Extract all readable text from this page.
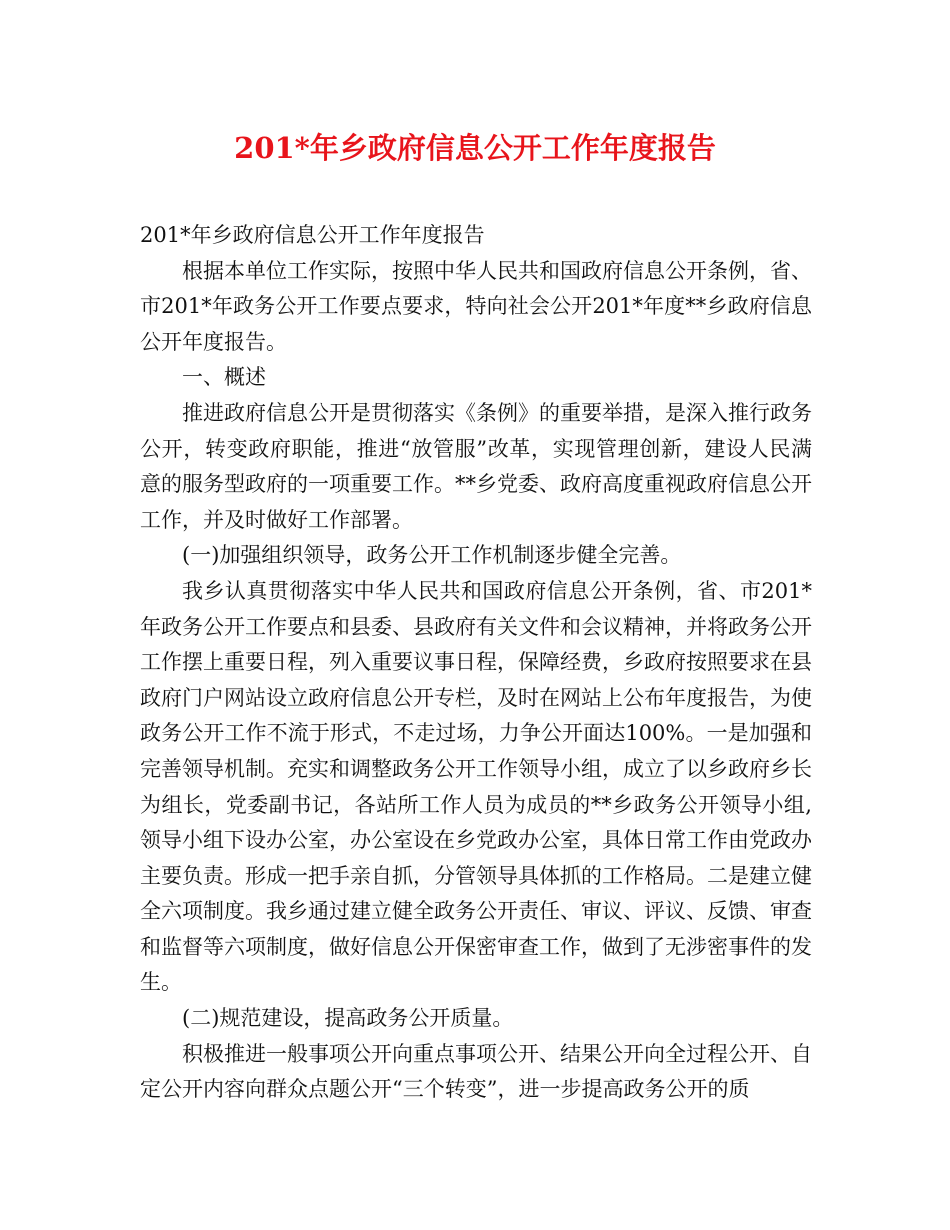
201*年乡政府信息公开工作年度报告

201*年乡政府信息公开工作年度报告

根据本单位工作实际，按照中华人民共和国政府信息公开条例，省、市201*年政务公开工作要点要求，特向社会公开201*年度**乡政府信息公开年度报告。

一、概述

推进政府信息公开是贯彻落实《条例》的重要举措，是深入推行政务公开，转变政府职能，推进“放管服”改革，实现管理创新，建设人民满意的服务型政府的一项重要工作。**乡党委、政府高度重视政府信息公开工作，并及时做好工作部署。

(一)加强组织领导，政务公开工作机制逐步健全完善。

我乡认真贯彻落实中华人民共和国政府信息公开条例，省、市201*年政务公开工作要点和县委、县政府有关文件和会议精神，并将政务公开工作摆上重要日程，列入重要议事日程，保障经费，乡政府按照要求在县政府门户网站设立政府信息公开专栏，及时在网站上公布年度报告，为使政务公开工作不流于形式，不走过场，力争公开面达100%。一是加强和完善领导机制。充实和调整政务公开工作领导小组，成立了以乡政府乡长为组长，党委副书记，各站所工作人员为成员的**乡政务公开领导小组,领导小组下设办公室，办公室设在乡党政办公室，具体日常工作由党政办主要负责。形成一把手亲自抓，分管领导具体抓的工作格局。二是建立健全六项制度。我乡通过建立健全政务公开责任、审议、评议、反馈、审查和监督等六项制度，做好信息公开保密审查工作，做到了无涉密事件的发生。

(二)规范建设，提高政务公开质量。

积极推进一般事项公开向重点事项公开、结果公开向全过程公开、自定公开内容向群众点题公开“三个转变”，进一步提高政务公开的质
